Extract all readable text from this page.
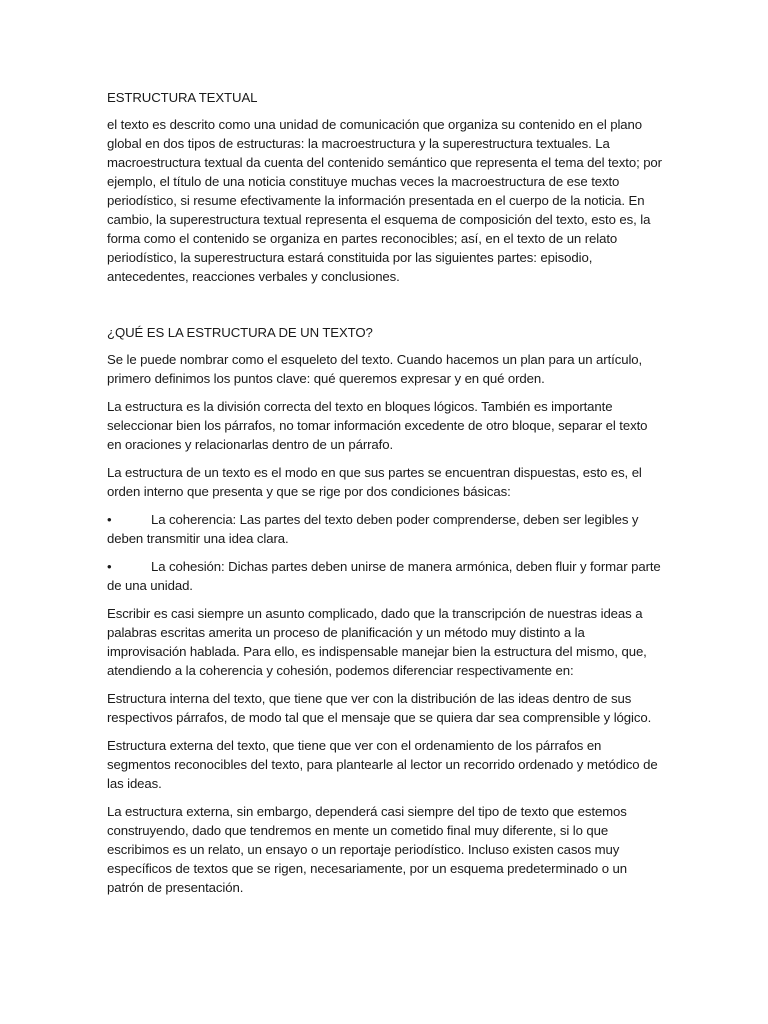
ESTRUCTURA TEXTUAL

el texto es descrito como una unidad de comunicación que organiza su contenido en el plano global en dos tipos de estructuras: la macroestructura y la superestructura textuales. La macroestructura textual da cuenta del contenido semántico que representa el tema del texto; por ejemplo, el título de una noticia constituye muchas veces la macroestructura de ese texto periodístico, si resume efectivamente la información presentada en el cuerpo de la noticia. En cambio, la superestructura textual representa el esquema de composición del texto, esto es, la forma como el contenido se organiza en partes reconocibles; así, en el texto de un relato periodístico, la superestructura estará constituida por las siguientes partes: episodio, antecedentes, reacciones verbales y conclusiones.

¿QUÉ ES LA ESTRUCTURA DE UN TEXTO?

Se le puede nombrar como el esqueleto del texto. Cuando hacemos un plan para un artículo, primero definimos los puntos clave: qué queremos expresar y en qué orden.

La estructura es la división correcta del texto en bloques lógicos. También es importante seleccionar bien los párrafos, no tomar información excedente de otro bloque, separar el texto en oraciones y relacionarlas dentro de un párrafo.

La estructura de un texto es el modo en que sus partes se encuentran dispuestas, esto es, el orden interno que presenta y que se rige por dos condiciones básicas:

•	La coherencia: Las partes del texto deben poder comprenderse, deben ser legibles y deben transmitir una idea clara.
•	La cohesión: Dichas partes deben unirse de manera armónica, deben fluir y formar parte de una unidad.

Escribir es casi siempre un asunto complicado, dado que la transcripción de nuestras ideas a palabras escritas amerita un proceso de planificación y un método muy distinto a la improvisación hablada. Para ello, es indispensable manejar bien la estructura del mismo, que, atendiendo a la coherencia y cohesión, podemos diferenciar respectivamente en:

Estructura interna del texto, que tiene que ver con la distribución de las ideas dentro de sus respectivos párrafos, de modo tal que el mensaje que se quiera dar sea comprensible y lógico.

Estructura externa del texto, que tiene que ver con el ordenamiento de los párrafos en segmentos reconocibles del texto, para plantearle al lector un recorrido ordenado y metódico de las ideas.

La estructura externa, sin embargo, dependerá casi siempre del tipo de texto que estemos construyendo, dado que tendremos en mente un cometido final muy diferente, si lo que escribimos es un relato, un ensayo o un reportaje periodístico. Incluso existen casos muy específicos de textos que se rigen, necesariamente, por un esquema predeterminado o un patrón de presentación.
